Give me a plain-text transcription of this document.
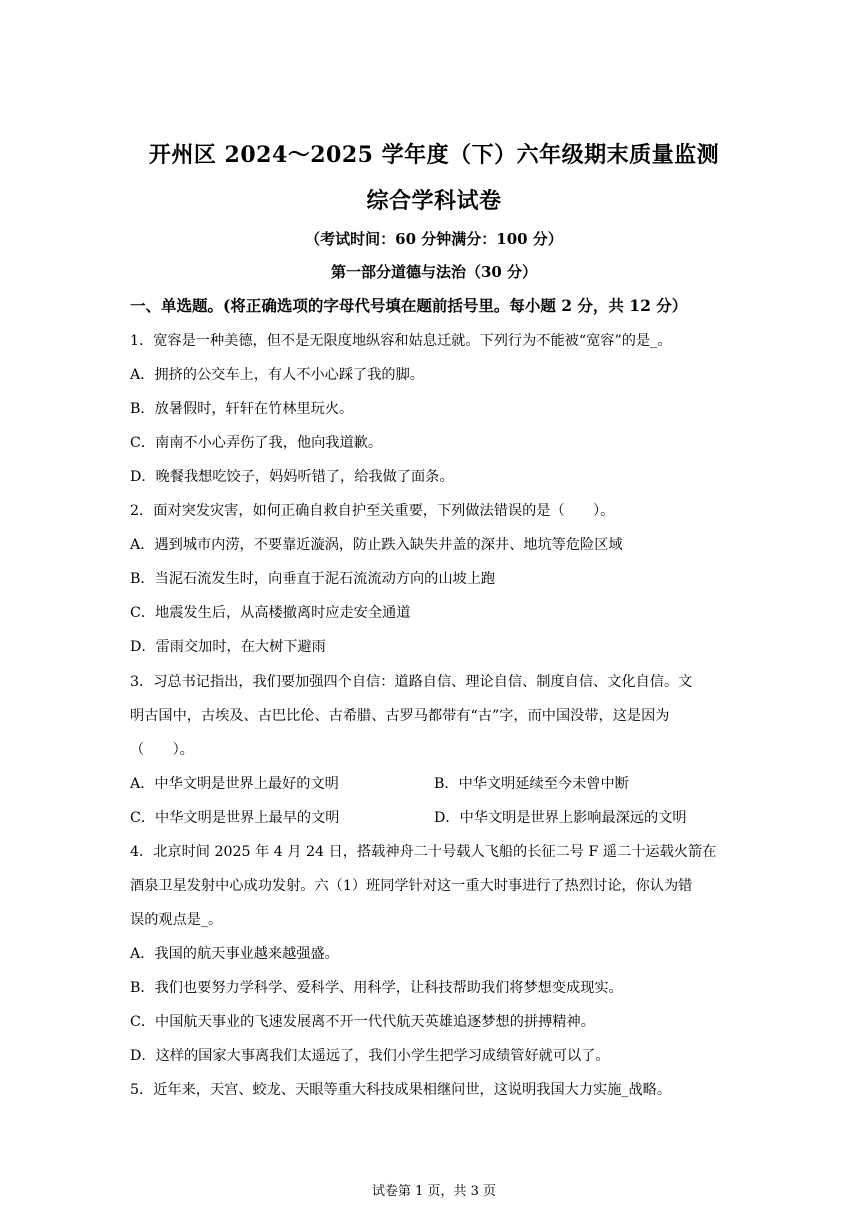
开州区 2024～2025 学年度（下）六年级期末质量监测
综合学科试卷
（考试时间：60 分钟满分：100 分）
第一部分道德与法治（30 分）
一、单选题。(将正确选项的字母代号填在题前括号里。每小题 2 分，共 12 分）
1．宽容是一种美德，但不是无限度地纵容和姑息迁就。下列行为不能被“宽容”的是_。
A．拥挤的公交车上，有人不小心踩了我的脚。
B．放暑假时，轩轩在竹林里玩火。
C．南南不小心弄伤了我，他向我道歉。
D．晚餐我想吃饺子，妈妈听错了，给我做了面条。
2．面对突发灾害，如何正确自救自护至关重要，下列做法错误的是（　　）。
A．遇到城市内涝，不要靠近漩涡，防止跌入缺失井盖的深井、地坑等危险区域
B．当泥石流发生时，向垂直于泥石流流动方向的山坡上跑
C．地震发生后，从高楼撤离时应走安全通道
D．雷雨交加时，在大树下避雨
3．习总书记指出，我们要加强四个自信：道路自信、理论自信、制度自信、文化自信。文
明古国中，古埃及、古巴比伦、古希腊、古罗马都带有“古”字，而中国没带，这是因为
（　　）。
A．中华文明是世界上最好的文明	B．中华文明延续至今未曾中断
C．中华文明是世界上最早的文明	D．中华文明是世界上影响最深远的文明
4．北京时间 2025 年 4 月 24 日，搭载神舟二十号载人飞船的长征二号 F 遥二十运载火箭在
酒泉卫星发射中心成功发射。六（1）班同学针对这一重大时事进行了热烈讨论，你认为错
误的观点是_。
A．我国的航天事业越来越强盛。
B．我们也要努力学科学、爱科学、用科学，让科技帮助我们将梦想变成现实。
C．中国航天事业的飞速发展离不开一代代航天英雄追逐梦想的拼搏精神。
D．这样的国家大事离我们太遥远了，我们小学生把学习成绩管好就可以了。
5．近年来，天宫、蛟龙、天眼等重大科技成果相继问世，这说明我国大力实施_战略。
试卷第 1 页，共 3 页
